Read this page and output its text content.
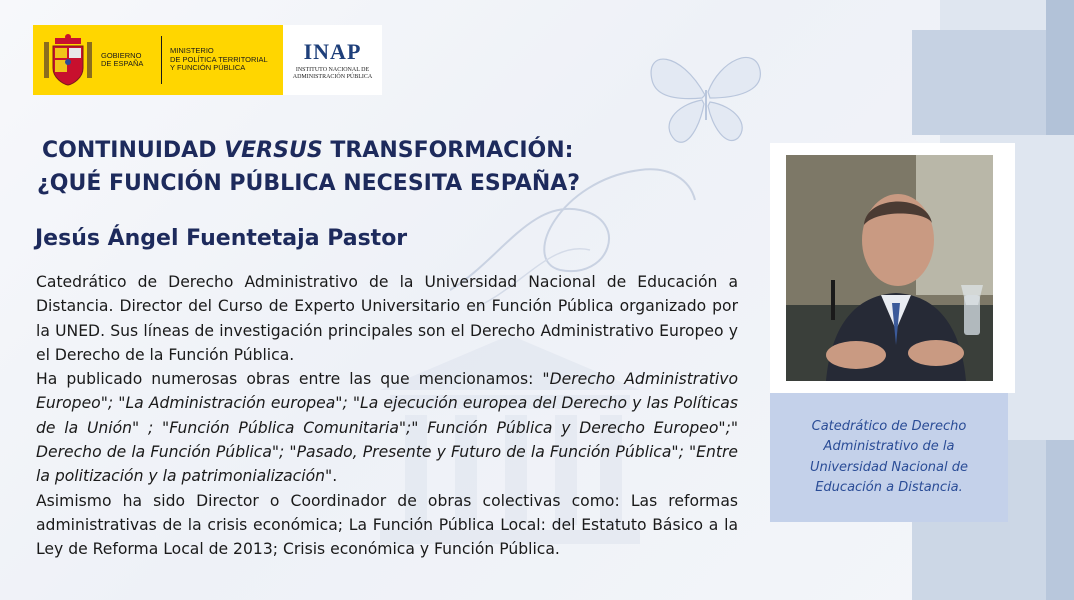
GOBIERNO
DE ESPAÑA
MINISTERIO
DE POLÍTICA TERRITORIAL
Y FUNCIÓN PÚBLICA
INAP
INSTITUTO NACIONAL DE
ADMINISTRACIÓN PÚBLICA
CONTINUIDAD VERSUS TRANSFORMACIÓN:
¿QUÉ FUNCIÓN PÚBLICA NECESITA ESPAÑA?
Jesús Ángel Fuentetaja Pastor

Catedrático de Derecho Administrativo de la Universidad Nacional de Educación a Distancia. Director del Curso de Experto Universitario en Función Pública organizado por la UNED. Sus líneas de investigación principales son el Derecho Administrativo Europeo y el Derecho de la Función Pública.

Ha publicado numerosas obras entre las que mencionamos: "Derecho Administrativo Europeo"; "La Administración europea"; "La ejecución europea del Derecho y las Políticas de la Unión" ; "Función Pública Comunitaria";" Función Pública y Derecho Europeo";" Derecho de la Función Pública"; "Pasado, Presente y Futuro de la Función Pública"; "Entre la politización y la patrimonialización".

Asimismo ha sido Director o Coordinador de obras colectivas como: Las reformas administrativas de la crisis económica; La Función Pública Local: del Estatuto Básico a la Ley de Reforma Local de 2013; Crisis económica y Función Pública.

Catedrático de Derecho Administrativo de la Universidad Nacional de Educación a Distancia.
